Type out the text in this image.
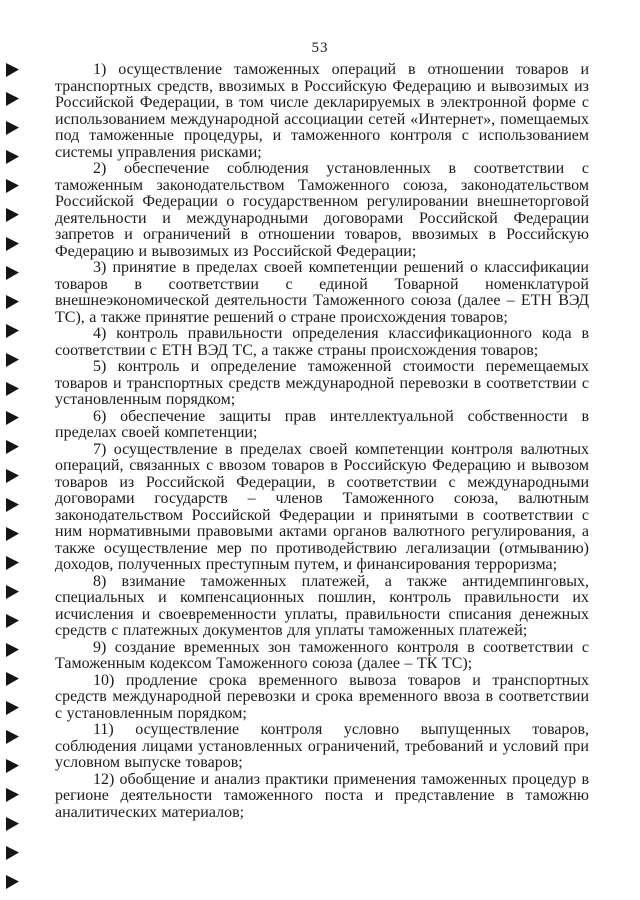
53

1) осуществление таможенных операций в отношении товаров и транспортных средств, ввозимых в Российскую Федерацию и вывозимых из Российской Федерации, в том числе декларируемых в электронной форме с использованием международной ассоциации сетей «Интернет», помещаемых под таможенные процедуры, и таможенного контроля с использованием системы управления рисками;

2) обеспечение соблюдения установленных в соответствии с таможенным законодательством Таможенного союза, законодательством Российской Федерации о государственном регулировании внешнеторговой деятельности и международными договорами Российской Федерации запретов и ограничений в отношении товаров, ввозимых в Российскую Федерацию и вывозимых из Российской Федерации;

3) принятие в пределах своей компетенции решений о классификации товаров в соответствии с единой Товарной номенклатурой внешнеэкономической деятельности Таможенного союза (далее – ЕТН ВЭД ТС), а также принятие решений о стране происхождения товаров;

4) контроль правильности определения классификационного кода в соответствии с ЕТН ВЭД ТС, а также страны происхождения товаров;

5) контроль и определение таможенной стоимости перемещаемых товаров и транспортных средств международной перевозки в соответствии с установленным порядком;

6) обеспечение защиты прав интеллектуальной собственности в пределах своей компетенции;

7) осуществление в пределах своей компетенции контроля валютных операций, связанных с ввозом товаров в Российскую Федерацию и вывозом товаров из Российской Федерации, в соответствии с международными договорами государств – членов Таможенного союза, валютным законодательством Российской Федерации и принятыми в соответствии с ним нормативными правовыми актами органов валютного регулирования, а также осуществление мер по противодействию легализации (отмыванию) доходов, полученных преступным путем, и финансирования терроризма;

8) взимание таможенных платежей, а также антидемпинговых, специальных и компенсационных пошлин, контроль правильности их исчисления и своевременности уплаты, правильности списания денежных средств с платежных документов для уплаты таможенных платежей;

9) создание временных зон таможенного контроля в соответствии с Таможенным кодексом Таможенного союза (далее – ТК ТС);

10) продление срока временного вывоза товаров и транспортных средств международной перевозки и срока временного ввоза в соответствии с установленным порядком;

11) осуществление контроля условно выпущенных товаров, соблюдения лицами установленных ограничений, требований и условий при условном выпуске товаров;

12) обобщение и анализ практики применения таможенных процедур в регионе деятельности таможенного поста и представление в таможню аналитических материалов;
